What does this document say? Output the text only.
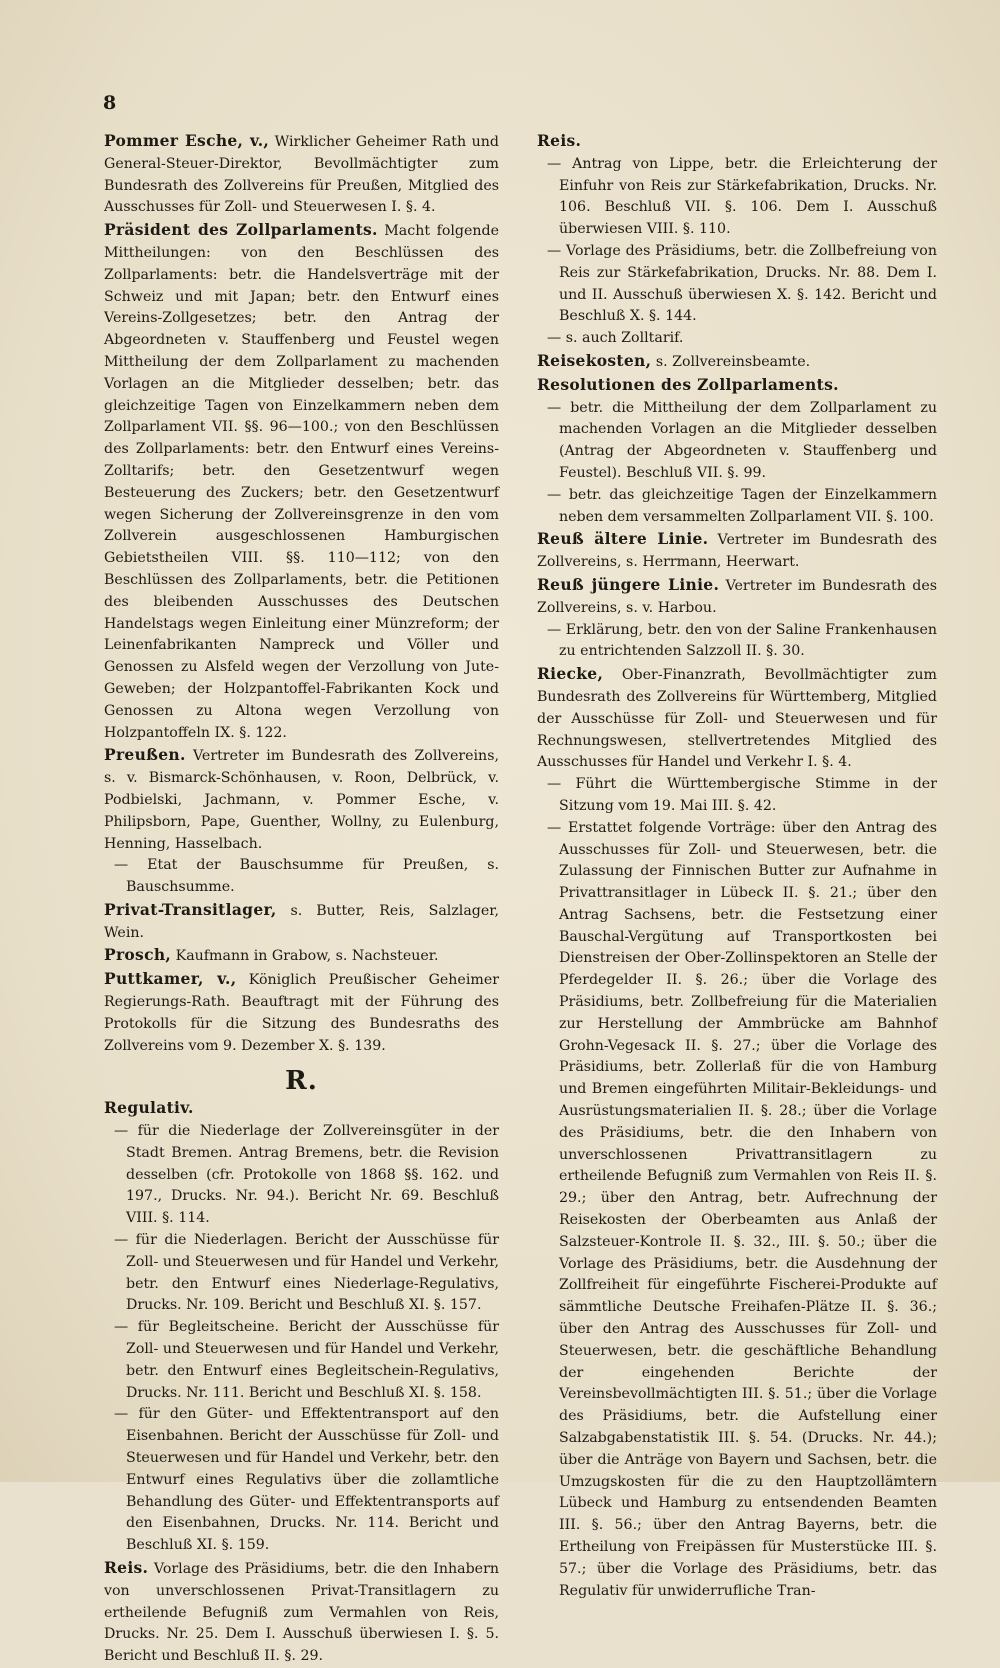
8

Pommer Esche, v., Wirklicher Geheimer Rath und General-Steuer-Direktor, Bevollmächtigter zum Bundesrath des Zollvereins für Preußen, Mitglied des Ausschusses für Zoll- und Steuerwesen I. §. 4.

Präsident des Zollparlaments. Macht folgende Mittheilungen: von den Beschlüssen des Zollparlaments: betr. die Handelsverträge mit der Schweiz und mit Japan; betr. den Entwurf eines Vereins-Zollgesetzes; betr. den Antrag der Abgeordneten v. Stauffenberg und Feustel wegen Mittheilung der dem Zollparlament zu machenden Vorlagen an die Mitglieder desselben; betr. das gleichzeitige Tagen von Einzelkammern neben dem Zollparlament VII. §§. 96—100.; von den Beschlüssen des Zollparlaments: betr. den Entwurf eines Vereins-Zolltarifs; betr. den Gesetzentwurf wegen Besteuerung des Zuckers; betr. den Gesetzentwurf wegen Sicherung der Zollvereinsgrenze in den vom Zollverein ausgeschlossenen Hamburgischen Gebietstheilen VIII. §§. 110—112; von den Beschlüssen des Zollparlaments, betr. die Petitionen des bleibenden Ausschusses des Deutschen Handelstags wegen Einleitung einer Münzreform; der Leinenfabrikanten Nampreck und Völler und Genossen zu Alsfeld wegen der Verzollung von Jute-Geweben; der Holzpantoffel-Fabrikanten Kock und Genossen zu Altona wegen Verzollung von Holzpantoffeln IX. §. 122.

Preußen. Vertreter im Bundesrath des Zollvereins, s. v. Bismarck-Schönhausen, v. Roon, Delbrück, v. Podbielski, Jachmann, v. Pommer Esche, v. Philipsborn, Pape, Guenther, Wollny, zu Eulenburg, Henning, Hasselbach.

— Etat der Bauschsumme für Preußen, s. Bauschsumme.

Privat-Transitlager, s. Butter, Reis, Salzlager, Wein.

Prosch, Kaufmann in Grabow, s. Nachsteuer.

Puttkamer, v., Königlich Preußischer Geheimer Regierungs-Rath. Beauftragt mit der Führung des Protokolls für die Sitzung des Bundesraths des Zollvereins vom 9. Dezember X. §. 139.

R.

Regulativ.

— für die Niederlage der Zollvereinsgüter in der Stadt Bremen. Antrag Bremens, betr. die Revision desselben (cfr. Protokolle von 1868 §§. 162. und 197., Drucks. Nr. 94.). Bericht Nr. 69. Beschluß VIII. §. 114.

— für die Niederlagen. Bericht der Ausschüsse für Zoll- und Steuerwesen und für Handel und Verkehr, betr. den Entwurf eines Niederlage-Regulativs, Drucks. Nr. 109. Bericht und Beschluß XI. §. 157.

— für Begleitscheine. Bericht der Ausschüsse für Zoll- und Steuerwesen und für Handel und Verkehr, betr. den Entwurf eines Begleitschein-Regulativs, Drucks. Nr. 111. Bericht und Beschluß XI. §. 158.

— für den Güter- und Effektentransport auf den Eisenbahnen. Bericht der Ausschüsse für Zoll- und Steuerwesen und für Handel und Verkehr, betr. den Entwurf eines Regulativs über die zollamtliche Behandlung des Güter- und Effektentransports auf den Eisenbahnen, Drucks. Nr. 114. Bericht und Beschluß XI. §. 159.

Reis. Vorlage des Präsidiums, betr. die den Inhabern von unverschlossenen Privat-Transitlagern zu ertheilende Befugniß zum Vermahlen von Reis, Drucks. Nr. 25. Dem I. Ausschuß überwiesen I. §. 5. Bericht und Beschluß II. §. 29.

Reis.

— Antrag von Lippe, betr. die Erleichterung der Einfuhr von Reis zur Stärkefabrikation, Drucks. Nr. 106. Beschluß VII. §. 106. Dem I. Ausschuß überwiesen VIII. §. 110.

— Vorlage des Präsidiums, betr. die Zollbefreiung von Reis zur Stärkefabrikation, Drucks. Nr. 88. Dem I. und II. Ausschuß überwiesen X. §. 142. Bericht und Beschluß X. §. 144.

— s. auch Zolltarif.

Reisekosten, s. Zollvereinsbeamte.

Resolutionen des Zollparlaments.

— betr. die Mittheilung der dem Zollparlament zu machenden Vorlagen an die Mitglieder desselben (Antrag der Abgeordneten v. Stauffenberg und Feustel). Beschluß VII. §. 99.

— betr. das gleichzeitige Tagen der Einzelkammern neben dem versammelten Zollparlament VII. §. 100.

Reuß ältere Linie. Vertreter im Bundesrath des Zollvereins, s. Herrmann, Heerwart.

Reuß jüngere Linie. Vertreter im Bundesrath des Zollvereins, s. v. Harbou.

— Erklärung, betr. den von der Saline Frankenhausen zu entrichtenden Salzzoll II. §. 30.

Riecke, Ober-Finanzrath, Bevollmächtigter zum Bundesrath des Zollvereins für Württemberg, Mitglied der Ausschüsse für Zoll- und Steuerwesen und für Rechnungswesen, stellvertretendes Mitglied des Ausschusses für Handel und Verkehr I. §. 4.

— Führt die Württembergische Stimme in der Sitzung vom 19. Mai III. §. 42.

— Erstattet folgende Vorträge: über den Antrag des Ausschusses für Zoll- und Steuerwesen, betr. die Zulassung der Finnischen Butter zur Aufnahme in Privattransitlager in Lübeck II. §. 21.; über den Antrag Sachsens, betr. die Festsetzung einer Bauschal-Vergütung auf Transportkosten bei Dienstreisen der Ober-Zollinspektoren an Stelle der Pferdegelder II. §. 26.; über die Vorlage des Präsidiums, betr. Zollbefreiung für die Materialien zur Herstellung der Ammbrücke am Bahnhof Grohn-Vegesack II. §. 27.; über die Vorlage des Präsidiums, betr. Zollerlaß für die von Hamburg und Bremen eingeführten Militair-Bekleidungs- und Ausrüstungsmaterialien II. §. 28.; über die Vorlage des Präsidiums, betr. die den Inhabern von unverschlossenen Privattransitlagern zu ertheilende Befugniß zum Vermahlen von Reis II. §. 29.; über den Antrag, betr. Aufrechnung der Reisekosten der Oberbeamten aus Anlaß der Salzsteuer-Kontrole II. §. 32., III. §. 50.; über die Vorlage des Präsidiums, betr. die Ausdehnung der Zollfreiheit für eingeführte Fischerei-Produkte auf sämmtliche Deutsche Freihafen-Plätze II. §. 36.; über den Antrag des Ausschusses für Zoll- und Steuerwesen, betr. die geschäftliche Behandlung der eingehenden Berichte der Vereinsbevollmächtigten III. §. 51.; über die Vorlage des Präsidiums, betr. die Aufstellung einer Salzabgabenstatistik III. §. 54. (Drucks. Nr. 44.); über die Anträge von Bayern und Sachsen, betr. die Umzugskosten für die zu den Hauptzollämtern Lübeck und Hamburg zu entsendenden Beamten III. §. 56.; über den Antrag Bayerns, betr. die Ertheilung von Freipässen für Musterstücke III. §. 57.; über die Vorlage des Präsidiums, betr. das Regulativ für unwiderrufliche Tran-
